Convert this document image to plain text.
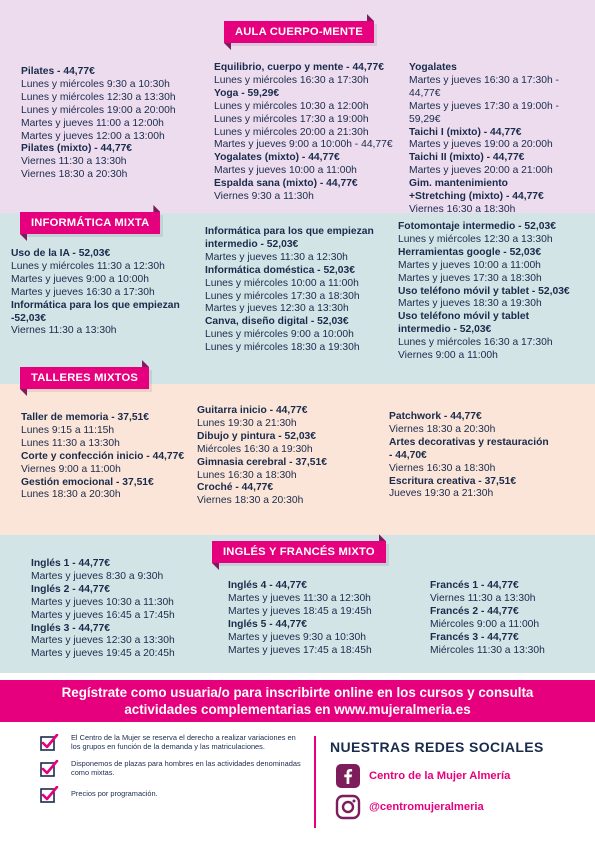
AULA CUERPO-MENTE
Pilates - 44,77€
Lunes y miércoles 9:30 a 10:30h
Lunes y miércoles 12:30 a 13:30h
Lunes y miércoles 19:00 a 20:00h
Martes y jueves 11:00 a 12:00h
Martes y jueves 12:00 a 13:00h
Pilates (mixto) - 44,77€
Viernes 11:30 a 13:30h
Viernes 18:30 a 20:30h
Equilibrio, cuerpo y mente - 44,77€
Lunes y miércoles 16:30 a 17:30h
Yoga - 59,29€
Lunes y miércoles 10:30 a 12:00h
Lunes y miércoles 17:30 a 19:00h
Lunes y miércoles 20:00 a 21:30h
Martes y jueves 9:00 a 10:00h - 44,77€
Yogalates (mixto) - 44,77€
Martes y jueves 10:00 a 11:00h
Espalda sana (mixto) - 44,77€
Viernes 9:30 a 11:30h
Yogalates
Martes y jueves 16:30 a 17:30h - 44,77€
Martes y jueves 17:30 a 19:00h - 59,29€
Taichi I (mixto) - 44,77€
Martes y jueves 19:00 a 20:00h
Taichi II (mixto) - 44,77€
Martes y jueves 20:00 a 21:00h
Gim. mantenimiento
+Stretching (mixto) - 44,77€
Viernes 16:30 a 18:30h
INFORMÁTICA MIXTA
Uso de la IA - 52,03€
Lunes y miércoles 11:30 a 12:30h
Martes y jueves 9:00 a 10:00h
Martes y jueves 16:30 a 17:30h
Informática para los que empiezan
-52,03€
Viernes 11:30 a 13:30h
Informática para los que empiezan
intermedio - 52,03€
Martes y jueves 11:30 a 12:30h
Informática doméstica - 52,03€
Lunes y miércoles 10:00 a 11:00h
Lunes y miércoles 17:30 a 18:30h
Martes y jueves 12:30 a 13:30h
Canva, diseño digital - 52,03€
Lunes y miércoles 9:00 a 10:00h
Lunes y miércoles 18:30 a 19:30h
Fotomontaje intermedio - 52,03€
Lunes y miércoles 12:30 a 13:30h
Herramientas google - 52,03€
Martes y jueves 10:00 a 11:00h
Martes y jueves 17:30 a 18:30h
Uso teléfono móvil y tablet - 52,03€
Martes y jueves 18:30 a 19:30h
Uso teléfono móvil y tablet
intermedio - 52,03€
Lunes y miércoles 16:30 a 17:30h
Viernes 9:00 a 11:00h
TALLERES MIXTOS
Taller de memoria - 37,51€
Lunes 9:15 a 11:15h
Lunes 11:30 a 13:30h
Corte y confección inicio - 44,77€
Viernes 9:00 a 11:00h
Gestión emocional - 37,51€
Lunes 18:30 a 20:30h
Guitarra inicio - 44,77€
Lunes 19:30 a 21:30h
Dibujo y pintura - 52,03€
Miércoles 16:30 a 19:30h
Gimnasia cerebral - 37,51€
Lunes 16:30 a 18:30h
Croché - 44,77€
Viernes 18:30 a 20:30h
Patchwork - 44,77€
Viernes 18:30 a 20:30h
Artes decorativas y restauración
- 44,70€
Viernes 16:30 a 18:30h
Escritura creativa - 37,51€
Jueves 19:30 a 21:30h
INGLÉS Y FRANCÉS MIXTO
Inglés 1 - 44,77€
Martes y jueves 8:30 a 9:30h
Inglés 2 - 44,77€
Martes y jueves 10:30 a 11:30h
Martes y jueves 16:45 a 17:45h
Inglés 3 - 44,77€
Martes y jueves 12:30 a 13:30h
Martes y jueves 19:45 a 20:45h
Inglés 4 - 44,77€
Martes y jueves 11:30 a 12:30h
Martes y jueves 18:45 a 19:45h
Inglés 5 - 44,77€
Martes y jueves 9:30 a 10:30h
Martes y jueves 17:45 a 18:45h
Francés 1 - 44,77€
Viernes 11:30 a 13:30h
Francés 2 - 44,77€
Miércoles 9:00 a 11:00h
Francés 3 - 44,77€
Miércoles 11:30 a 13:30h
Regístrate como usuaria/o para inscribirte online en los cursos y consulta
actividades complementarias en www.mujeralmeria.es
El Centro de la Mujer se reserva el derecho a realizar variaciones en los grupos en función de la demanda y las matriculaciones.
Disponemos de plazas para hombres en las actividades denominadas como mixtas.
Precios por programación.
NUESTRAS REDES SOCIALES
Centro de la Mujer Almería
@centromujeralmeria
